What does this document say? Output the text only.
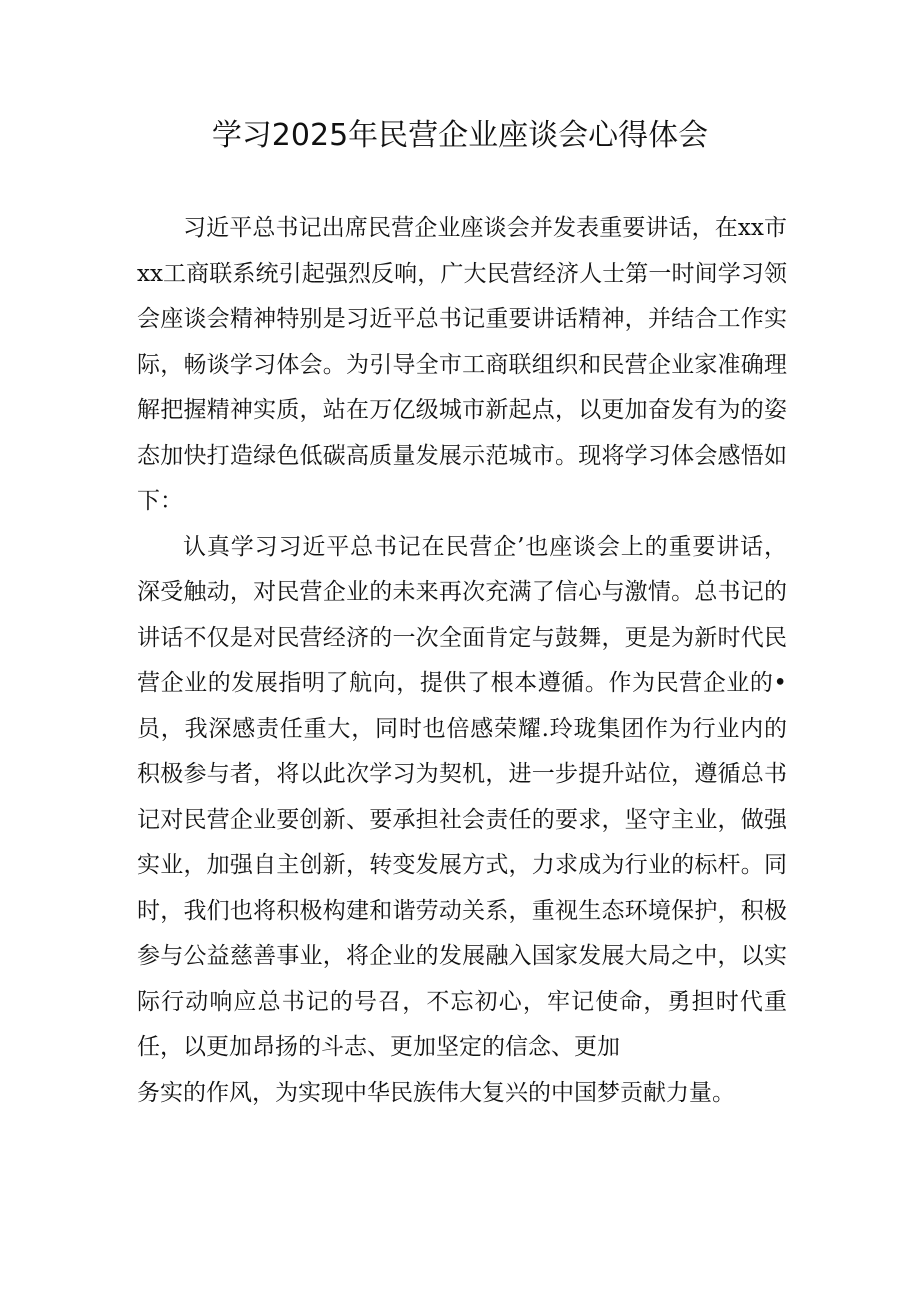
学习2025年民营企业座谈会心得体会

习近平总书记出席民营企业座谈会并发表重要讲话，在xx市xx工商联系统引起强烈反响，广大民营经济人士第一时间学习领会座谈会精神特别是习近平总书记重要讲话精神，并结合工作实际，畅谈学习体会。为引导全市工商联组织和民营企业家准确理解把握精神实质，站在万亿级城市新起点，以更加奋发有为的姿态加快打造绿色低碳高质量发展示范城市。现将学习体会感悟如下：

认真学习习近平总书记在民营企’也座谈会上的重要讲话，深受触动，对民营企业的未来再次充满了信心与激情。总书记的讲话不仅是对民营经济的一次全面肯定与鼓舞，更是为新时代民营企业的发展指明了航向，提供了根本遵循。作为民营企业的•员，我深感责任重大，同时也倍感荣耀.玲珑集团作为行业内的积极参与者，将以此次学习为契机，进一步提升站位，遵循总书记对民营企业要创新、要承担社会责任的要求，坚守主业，做强实业，加强自主创新，转变发展方式，力求成为行业的标杆。同时，我们也将积极构建和谐劳动关系，重视生态环境保护，积极参与公益慈善事业，将企业的发展融入国家发展大局之中，以实际行动响应总书记的号召，不忘初心，牢记使命，勇担时代重任，以更加昂扬的斗志、更加坚定的信念、更加

务实的作风，为实现中华民族伟大复兴的中国梦贡献力量。
